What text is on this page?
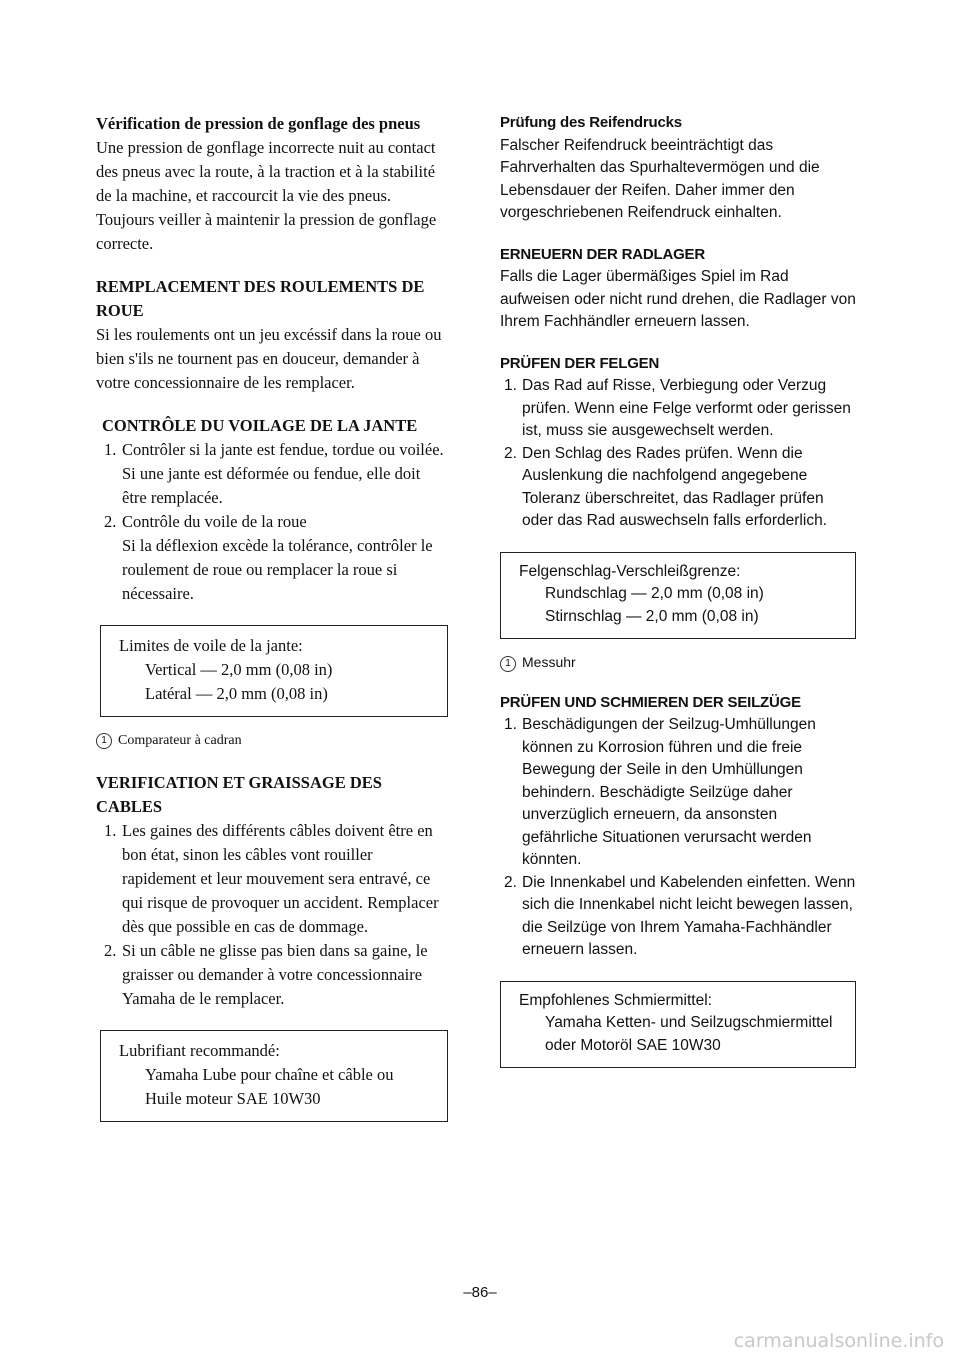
Vérification de pression de gonflage des pneus

Une pression de gonflage incorrecte nuit au contact des pneus avec la route, à la traction et à la stabilité de la machine, et raccourcit la vie des pneus. Toujours veiller à maintenir la pression de gonflage correcte.

REMPLACEMENT DES ROULEMENTS DE ROUE

Si les roulements ont un jeu excéssif dans la roue ou bien s'ils ne tournent pas en douceur, demander à votre concessionnaire de les remplacer.

CONTRÔLE DU VOILAGE DE LA JANTE
1. Contrôler si la jante est fendue, tordue ou voilée. Si une jante est déformée ou fendue, elle doit être remplacée.
2. Contrôle du voile de la roue
Si la déflexion excède la tolérance, contrôler le roulement de roue ou remplacer la roue si nécessaire.
Limites de voile de la jante:
Vertical — 2,0 mm (0,08 in)
Latéral — 2,0 mm (0,08 in)
1 Comparateur à cadran
VERIFICATION ET GRAISSAGE DES CABLES
1. Les gaines des différents câbles doivent être en bon état, sinon les câbles vont rouiller rapidement et leur mouvement sera entravé, ce qui risque de provoquer un accident. Remplacer dès que possible en cas de dommage.
2. Si un câble ne glisse pas bien dans sa gaine, le graisser ou demander à votre concessionnaire Yamaha de le remplacer.
Lubrifiant recommandé:
Yamaha Lube pour chaîne et câble ou
Huile moteur SAE 10W30
Prüfung des Reifendrucks

Falscher Reifendruck beeinträchtigt das Fahrverhalten das Spurhaltevermögen und die Lebensdauer der Reifen. Daher immer den vorgeschriebenen Reifendruck einhalten.

ERNEUERN DER RADLAGER

Falls die Lager übermäßiges Spiel im Rad aufweisen oder nicht rund drehen, die Radlager von Ihrem Fachhändler erneuern lassen.

PRÜFEN DER FELGEN
1. Das Rad auf Risse, Verbiegung oder Verzug prüfen. Wenn eine Felge verformt oder gerissen ist, muss sie ausgewechselt werden.
2. Den Schlag des Rades prüfen. Wenn die Auslenkung die nachfolgend angegebene Toleranz überschreitet, das Radlager prüfen oder das Rad auswechseln falls erforderlich.
Felgenschlag-Verschleißgrenze:
Rundschlag — 2,0 mm (0,08 in)
Stirnschlag — 2,0 mm (0,08 in)
1 Messuhr
PRÜFEN UND SCHMIEREN DER SEILZÜGE
1. Beschädigungen der Seilzug-Umhüllungen können zu Korrosion führen und die freie Bewegung der Seile in den Umhüllungen behindern. Beschädigte Seilzüge daher unverzüglich erneuern, da ansonsten gefährliche Situationen verursacht werden könnten.
2. Die Innenkabel und Kabelenden einfetten. Wenn sich die Innenkabel nicht leicht bewegen lassen, die Seilzüge von Ihrem Yamaha-Fachhändler erneuern lassen.
Empfohlenes Schmiermittel:
Yamaha Ketten- und Seilzugschmiermittel oder Motoröl SAE 10W30
–86–
carmanualsonline.info
